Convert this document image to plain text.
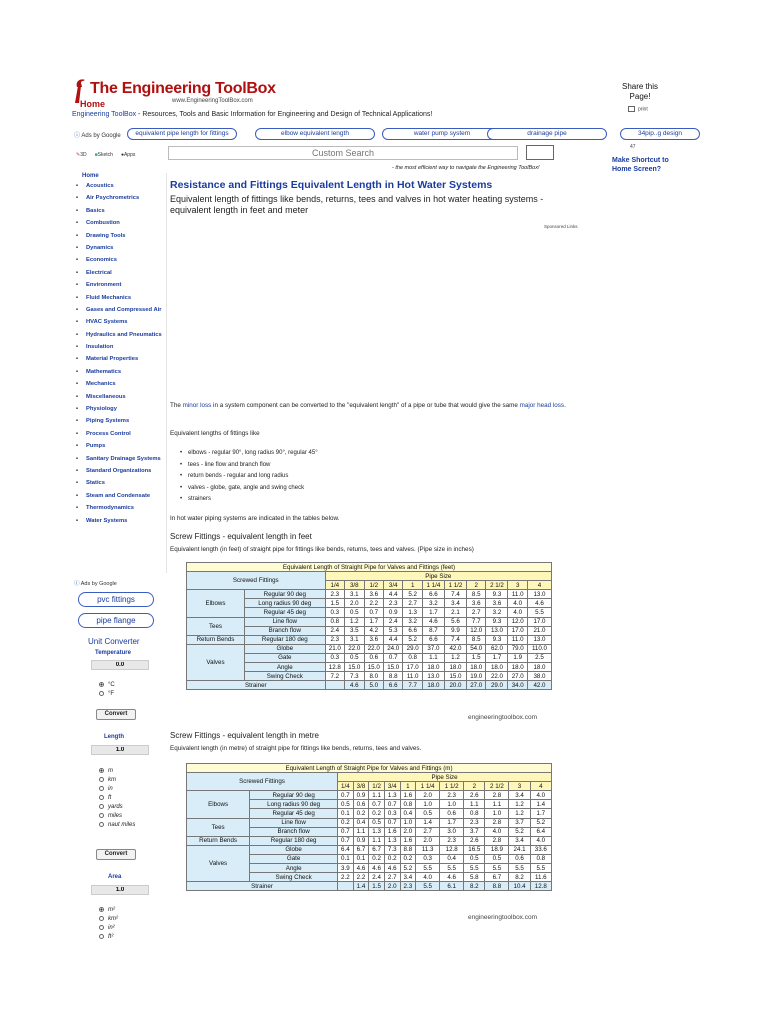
The Engineering ToolBox
Home	www.EngineeringToolBox.com
Engineering ToolBox - Resources, Tools and Basic Information for Engineering and Design of Technical Applications!
Share this Page!
print
ⓘ Ads by Google	equivalent pipe length for fittings	elbow equivalent length	water pump system	drainage pipe	34pip..g design
47
✎3D ■Sketch ●Apps
Custom Search
- the most efficient way to navigate the Engineering ToolBox!
Make Shortcut to Home Screen?
Home
• Acoustics
• Air Psychrometrics
• Basics
• Combustion
• Drawing Tools
• Dynamics
• Economics
• Electrical
• Environment
• Fluid Mechanics
• Gases and Compressed Air
• HVAC Systems
• Hydraulics and Pneumatics
• Insulation
• Material Properties
• Mathematics
• Mechanics
• Miscellaneous
• Physiology
• Piping Systems
• Process Control
• Pumps
• Sanitary Drainage Systems
• Standard Organizations
• Statics
• Steam and Condensate
• Thermodynamics
• Water Systems
ⓘ Ads by Google
pvc fittings
pipe flange
Unit Converter
Temperature
0.0
°C
°F
Convert
Length
1.0
m
km
in
ft
yards
miles
naut miles
Convert
Area
1.0
m²
km²
in²
ft²
Resistance and Fittings Equivalent Length in Hot Water Systems
Equivalent length of fittings like bends, returns, tees and valves in hot water heating systems - equivalent length in feet and meter
Sponsored Links
The minor loss in a system component can be converted to the "equivalent length" of a pipe or tube that would give the same major head loss.
Equivalent lengths of fittings like
• elbows - regular 90°, long radius 90°, regular 45°
• tees - line flow and branch flow
• return bends - regular and long radius
• valves - globe, gate, angle and swing check
• strainers
In hot water piping systems are indicated in the tables below.
Screw Fittings - equivalent length in feet
Equivalent length (in feet) of straight pipe for fittings like bends, returns, tees and valves. (Pipe size in inches)
Equivalent Length of Straight Pipe for Valves and Fittings (feet)												
Screwed Fittings		Pipe Size										
		1/4	3/8	1/2	3/4	1	1 1/4	1 1/2	2	2 1/2	3	4
Elbows	Regular 90 deg	2.3	3.1	3.6	4.4	5.2	6.6	7.4	8.5	9.3	11.0	13.0
	Long radius 90 deg	1.5	2.0	2.2	2.3	2.7	3.2	3.4	3.6	3.6	4.0	4.6
	Regular 45 deg	0.3	0.5	0.7	0.9	1.3	1.7	2.1	2.7	3.2	4.0	5.5
Tees	Line flow	0.8	1.2	1.7	2.4	3.2	4.6	5.6	7.7	9.3	12.0	17.0
	Branch flow	2.4	3.5	4.2	5.3	6.6	8.7	9.9	12.0	13.0	17.0	21.0
Return Bends	Regular 180 deg	2.3	3.1	3.6	4.4	5.2	6.6	7.4	8.5	9.3	11.0	13.0
Valves	Globe	21.0	22.0	22.0	24.0	29.0	37.0	42.0	54.0	62.0	79.0	110.0
	Gate	0.3	0.5	0.6	0.7	0.8	1.1	1.2	1.5	1.7	1.9	2.5
	Angle	12.8	15.0	15.0	15.0	17.0	18.0	18.0	18.0	18.0	18.0	18.0
	Swing Check	7.2	7.3	8.0	8.8	11.0	13.0	15.0	19.0	22.0	27.0	38.0
Strainer			4.6	5.0	6.6	7.7	18.0	20.0	27.0	29.0	34.0	42.0
engineeringtoolbox.com
Screw Fittings - equivalent length in metre
Equivalent length (in metre) of straight pipe for fittings like bends, returns, tees and valves.
Equivalent Length of Straight Pipe for Valves and Fittings (m)												
Screwed Fittings		Pipe Size										
		1/4	3/8	1/2	3/4	1	1 1/4	1 1/2	2	2 1/2	3	4
Elbows	Regular 90 deg	0.7	0.9	1.1	1.3	1.6	2.0	2.3	2.6	2.8	3.4	4.0
	Long radius 90 deg	0.5	0.6	0.7	0.7	0.8	1.0	1.0	1.1	1.1	1.2	1.4
	Regular 45 deg	0.1	0.2	0.2	0.3	0.4	0.5	0.6	0.8	1.0	1.2	1.7
Tees	Line flow	0.2	0.4	0.5	0.7	1.0	1.4	1.7	2.3	2.8	3.7	5.2
	Branch flow	0.7	1.1	1.3	1.6	2.0	2.7	3.0	3.7	4.0	5.2	6.4
Return Bends	Regular 180 deg	0.7	0.9	1.1	1.3	1.6	2.0	2.3	2.6	2.8	3.4	4.0
Valves	Globe	6.4	6.7	6.7	7.3	8.8	11.3	12.8	16.5	18.9	24.1	33.6
	Gate	0.1	0.1	0.2	0.2	0.2	0.3	0.4	0.5	0.5	0.6	0.8
	Angle	3.9	4.6	4.6	4.6	5.2	5.5	5.5	5.5	5.5	5.5	5.5
	Swing Check	2.2	2.2	2.4	2.7	3.4	4.0	4.6	5.8	6.7	8.2	11.6
Strainer			1.4	1.5	2.0	2.3	5.5	6.1	8.2	8.8	10.4	12.8
engineeringtoolbox.com
